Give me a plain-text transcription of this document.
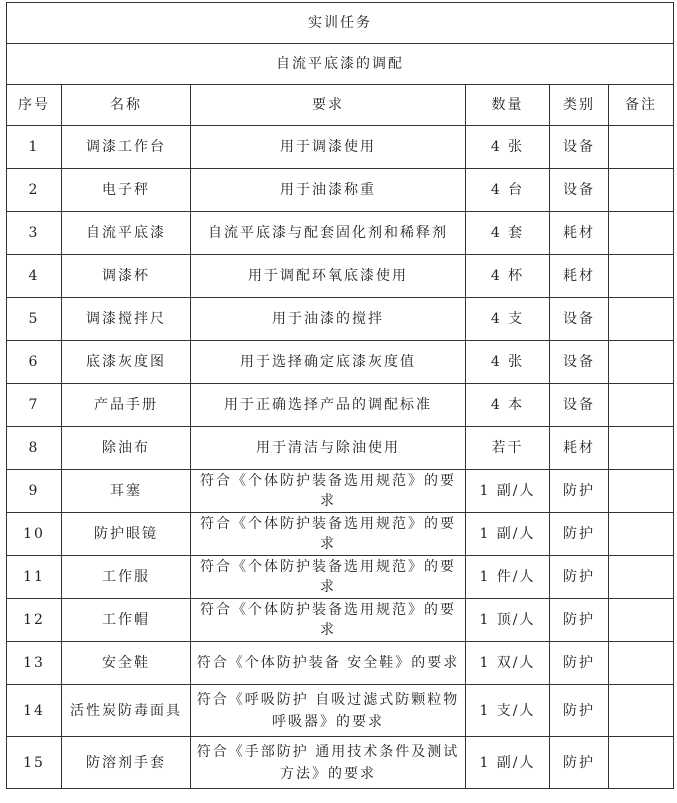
实训任务					
自流平底漆的调配					
序号	名称	要求	数量	类别	备注
1	调漆工作台	用于调漆使用	4 张	设备	
2	电子秤	用于油漆称重	4 台	设备	
3	自流平底漆	自流平底漆与配套固化剂和稀释剂	4 套	耗材	
4	调漆杯	用于调配环氧底漆使用	4 杯	耗材	
5	调漆搅拌尺	用于油漆的搅拌	4 支	设备	
6	底漆灰度图	用于选择确定底漆灰度值	4 张	设备	
7	产品手册	用于正确选择产品的调配标准	4 本	设备	
8	除油布	用于清洁与除油使用	若干	耗材	
9	耳塞	符合《个体防护装备选用规范》的要求	1 副/人	防护	
10	防护眼镜	符合《个体防护装备选用规范》的要求	1 副/人	防护	
11	工作服	符合《个体防护装备选用规范》的要求	1 件/人	防护	
12	工作帽	符合《个体防护装备选用规范》的要求	1 顶/人	防护	
13	安全鞋	符合《个体防护装备 安全鞋》的要求	1 双/人	防护	
14	活性炭防毒面具	符合《呼吸防护 自吸过滤式防颗粒物呼吸器》的要求	1 支/人	防护	
15	防溶剂手套	符合《手部防护 通用技术条件及测试方法》的要求	1 副/人	防护	
